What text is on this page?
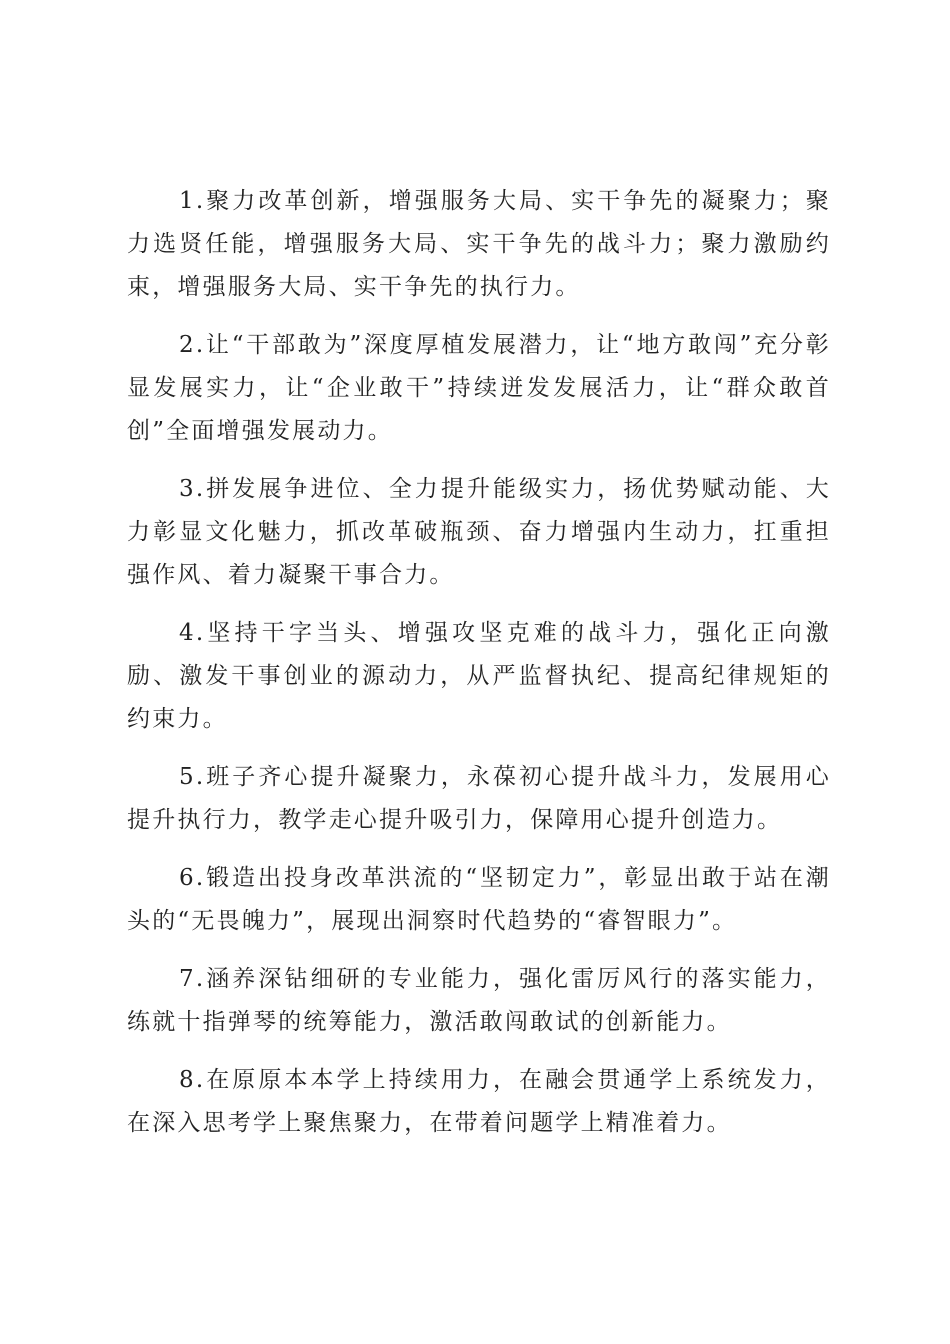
1.聚力改革创新，增强服务大局、实干争先的凝聚力；聚力选贤任能，增强服务大局、实干争先的战斗力；聚力激励约束，增强服务大局、实干争先的执行力。

2.让“干部敢为”深度厚植发展潜力，让“地方敢闯”充分彰显发展实力，让“企业敢干”持续迸发发展活力，让“群众敢首创”全面增强发展动力。

3.拼发展争进位、全力提升能级实力，扬优势赋动能、大力彰显文化魅力，抓改革破瓶颈、奋力增强内生动力，扛重担强作风、着力凝聚干事合力。

4.坚持干字当头、增强攻坚克难的战斗力，强化正向激励、激发干事创业的源动力，从严监督执纪、提高纪律规矩的约束力。

5.班子齐心提升凝聚力，永葆初心提升战斗力，发展用心提升执行力，教学走心提升吸引力，保障用心提升创造力。

6.锻造出投身改革洪流的“坚韧定力”，彰显出敢于站在潮头的“无畏魄力”，展现出洞察时代趋势的“睿智眼力”。

7.涵养深钻细研的专业能力，强化雷厉风行的落实能力，练就十指弹琴的统筹能力，激活敢闯敢试的创新能力。

8.在原原本本学上持续用力，在融会贯通学上系统发力，在深入思考学上聚焦聚力，在带着问题学上精准着力。
